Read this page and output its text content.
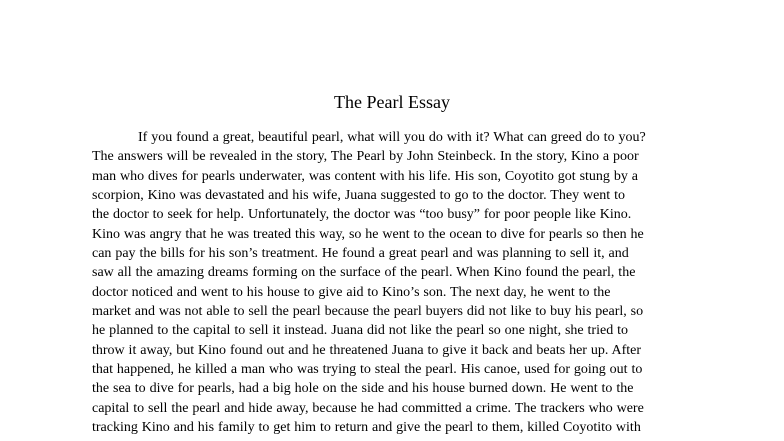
The Pearl Essay
If you found a great, beautiful pearl, what will you do with it? What can greed do to you?
The answers will be revealed in the story, The Pearl by John Steinbeck. In the story, Kino a poor
man who dives for pearls underwater, was content with his life. His son, Coyotito got stung by a
scorpion, Kino was devastated and his wife, Juana suggested to go to the doctor. They went to
the doctor to seek for help. Unfortunately, the doctor was “too busy” for poor people like Kino.
Kino was angry that he was treated this way, so he went to the ocean to dive for pearls so then he
can pay the bills for his son’s treatment. He found a great pearl and was planning to sell it, and
saw all the amazing dreams forming on the surface of the pearl. When Kino found the pearl, the
doctor noticed and went to his house to give aid to Kino’s son. The next day, he went to the
market and was not able to sell the pearl because the pearl buyers did not like to buy his pearl, so
he planned to the capital to sell it instead. Juana did not like the pearl so one night, she tried to
throw it away, but Kino found out and he threatened Juana to give it back and beats her up. After
that happened, he killed a man who was trying to steal the pearl. His canoe, used for going out to
the sea to dive for pearls, had a big hole on the side and his house burned down. He went to the
capital to sell the pearl and hide away, because he had committed a crime. The trackers who were
tracking Kino and his family to get him to return and give the pearl to them, killed Coyotito with
